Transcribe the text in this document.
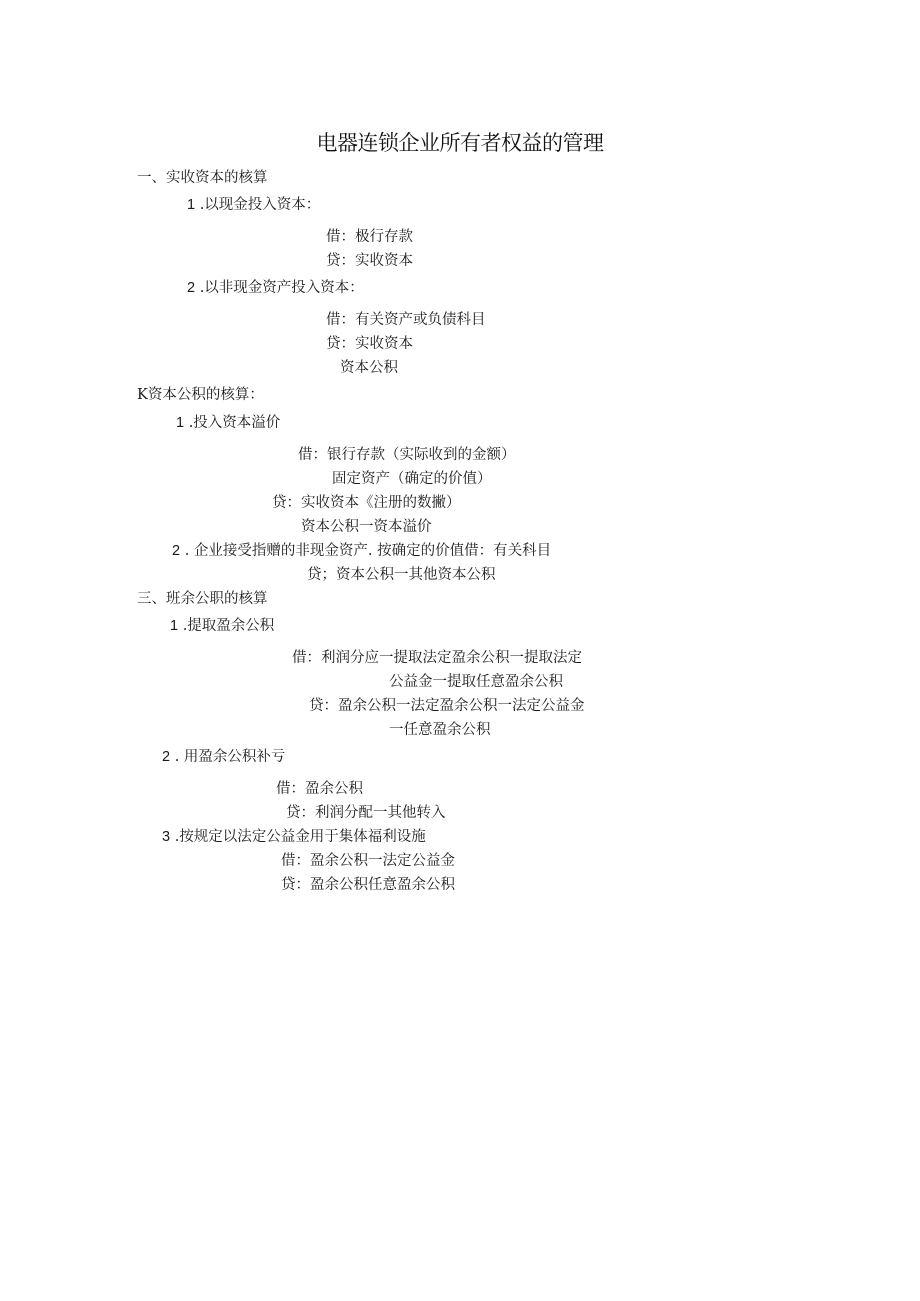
电器连锁企业所有者权益的管理
一、实收资本的核算
1 .以现金投入资本：
借：极行存款
贷：实收资本
2 .以非现金资产投入资本：
借：有关资产或负债科目
贷：实收资本
资本公积
K资本公积的核算：
1 .投入资本溢价
借：银行存款（实际收到的金额）
固定资产（确定的价值）
贷：实收资本《注册的数撇）
资本公积一资本溢价
2 . 企业接受指赠的非现金资产. 按确定的价值借：有关科目
贷；资本公积一其他资本公积
三、班余公职的核算
1 .提取盈余公积
借：利润分应一提取法定盈余公积一提取法定
公益金一提取任意盈余公积
贷：盈余公积一法定盈余公积一法定公益金
一任意盈余公积
2 . 用盈余公积补亏
借：盈余公积
贷：利润分配一其他转入
3 .按规定以法定公益金用于集体福利设施
借：盈余公积一法定公益金
贷：盈余公积任意盈余公积
